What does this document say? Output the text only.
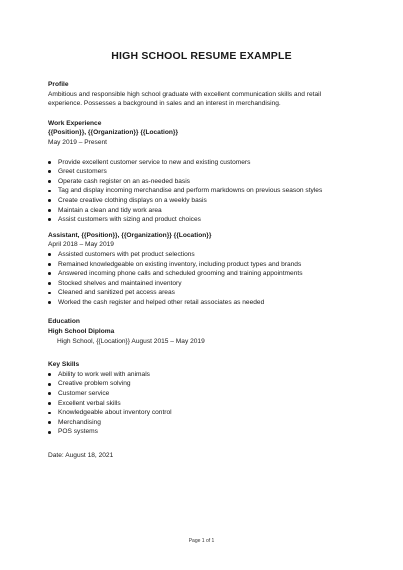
HIGH SCHOOL RESUME EXAMPLE
Profile
Ambitious and responsible high school graduate with excellent communication skills and retail
experience. Possesses a background in sales and an interest in merchandising.
Work Experience
{{Position}}, {{Organization}} {{Location}}
May 2019 – Present
Provide excellent customer service to new and existing customers
Greet customers
Operate cash register on an as-needed basis
Tag and display incoming merchandise and perform markdowns on previous season styles
Create creative clothing displays on a weekly basis
Maintain a clean and tidy work area
Assist customers with sizing and product choices
Assistant, {{Position}}, {{Organization}} {{Location}}
April 2018 – May 2019
Assisted customers with pet product selections
Remained knowledgeable on existing inventory, including product types and brands
Answered incoming phone calls and scheduled grooming and training appointments
Stocked shelves and maintained inventory
Cleaned and sanitized pet access areas
Worked the cash register and helped other retail associates as needed
Education
High School Diploma
High School, {{Location}} August 2015 – May 2019
Key Skills
Ability to work well with animals
Creative problem solving
Customer service
Excellent verbal skills
Knowledgeable about inventory control
Merchandising
POS systems
Date: August 18, 2021
Page 1 of 1
